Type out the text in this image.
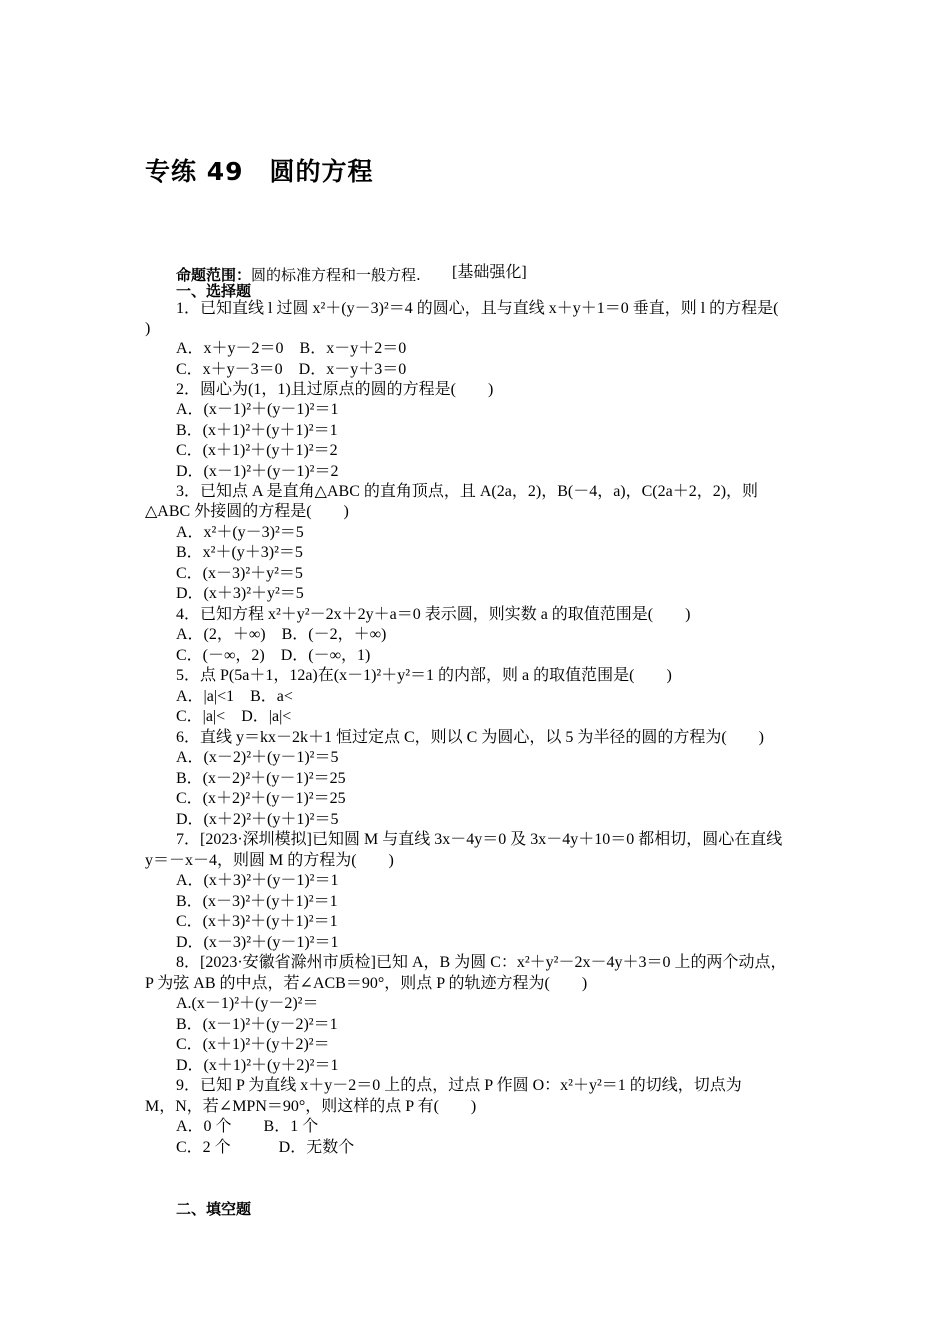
专练 49　圆的方程
命题范围：圆的标准方程和一般方程. [基础强化]
一、选择题
1．已知直线 l 过圆 x²＋(y－3)²＝4 的圆心，且与直线 x＋y＋1＝0 垂直，则 l 的方程是(
)
A．x＋y－2＝0　B．x－y＋2＝0
C．x＋y－3＝0　D．x－y＋3＝0
2．圆心为(1，1)且过原点的圆的方程是(　　)
A．(x－1)²＋(y－1)²＝1
B．(x＋1)²＋(y＋1)²＝1
C．(x＋1)²＋(y＋1)²＝2
D．(x－1)²＋(y－1)²＝2
3．已知点 A 是直角△ABC 的直角顶点，且 A(2a，2)，B(－4，a)，C(2a＋2，2)，则
△ABC 外接圆的方程是(　　)
A．x²＋(y－3)²＝5
B．x²＋(y＋3)²＝5
C．(x－3)²＋y²＝5
D．(x＋3)²＋y²＝5
4．已知方程 x²＋y²－2x＋2y＋a＝0 表示圆，则实数 a 的取值范围是(　　)
A．(2，＋∞)　B．(－2，＋∞)
C．(－∞，2)　D．(－∞，1)
5．点 P(5a＋1，12a)在(x－1)²＋y²＝1 的内部，则 a 的取值范围是(　　)
A．|a|<1　B．a<
C．|a|<　D．|a|<
6．直线 y＝kx－2k＋1 恒过定点 C，则以 C 为圆心，以 5 为半径的圆的方程为(　　)
A．(x－2)²＋(y－1)²＝5
B．(x－2)²＋(y－1)²＝25
C．(x＋2)²＋(y－1)²＝25
D．(x＋2)²＋(y＋1)²＝5
7．[2023·深圳模拟]已知圆 M 与直线 3x－4y＝0 及 3x－4y＋10＝0 都相切，圆心在直线
y＝－x－4，则圆 M 的方程为(　　)
A．(x＋3)²＋(y－1)²＝1
B．(x－3)²＋(y＋1)²＝1
C．(x＋3)²＋(y＋1)²＝1
D．(x－3)²＋(y－1)²＝1
8．[2023·安徽省滁州市质检]已知 A，B 为圆 C：x²＋y²－2x－4y＋3＝0 上的两个动点，
P 为弦 AB 的中点，若∠ACB＝90°，则点 P 的轨迹方程为(　　)
A.(x－1)²＋(y－2)²＝
B．(x－1)²＋(y－2)²＝1
C．(x＋1)²＋(y＋2)²＝
D．(x＋1)²＋(y＋2)²＝1
9．已知 P 为直线 x＋y－2＝0 上的点，过点 P 作圆 O：x²＋y²＝1 的切线，切点为
M，N，若∠MPN＝90°，则这样的点 P 有(　　)
A．0 个　　B．1 个
C．2 个　　　D．无数个
二、填空题
